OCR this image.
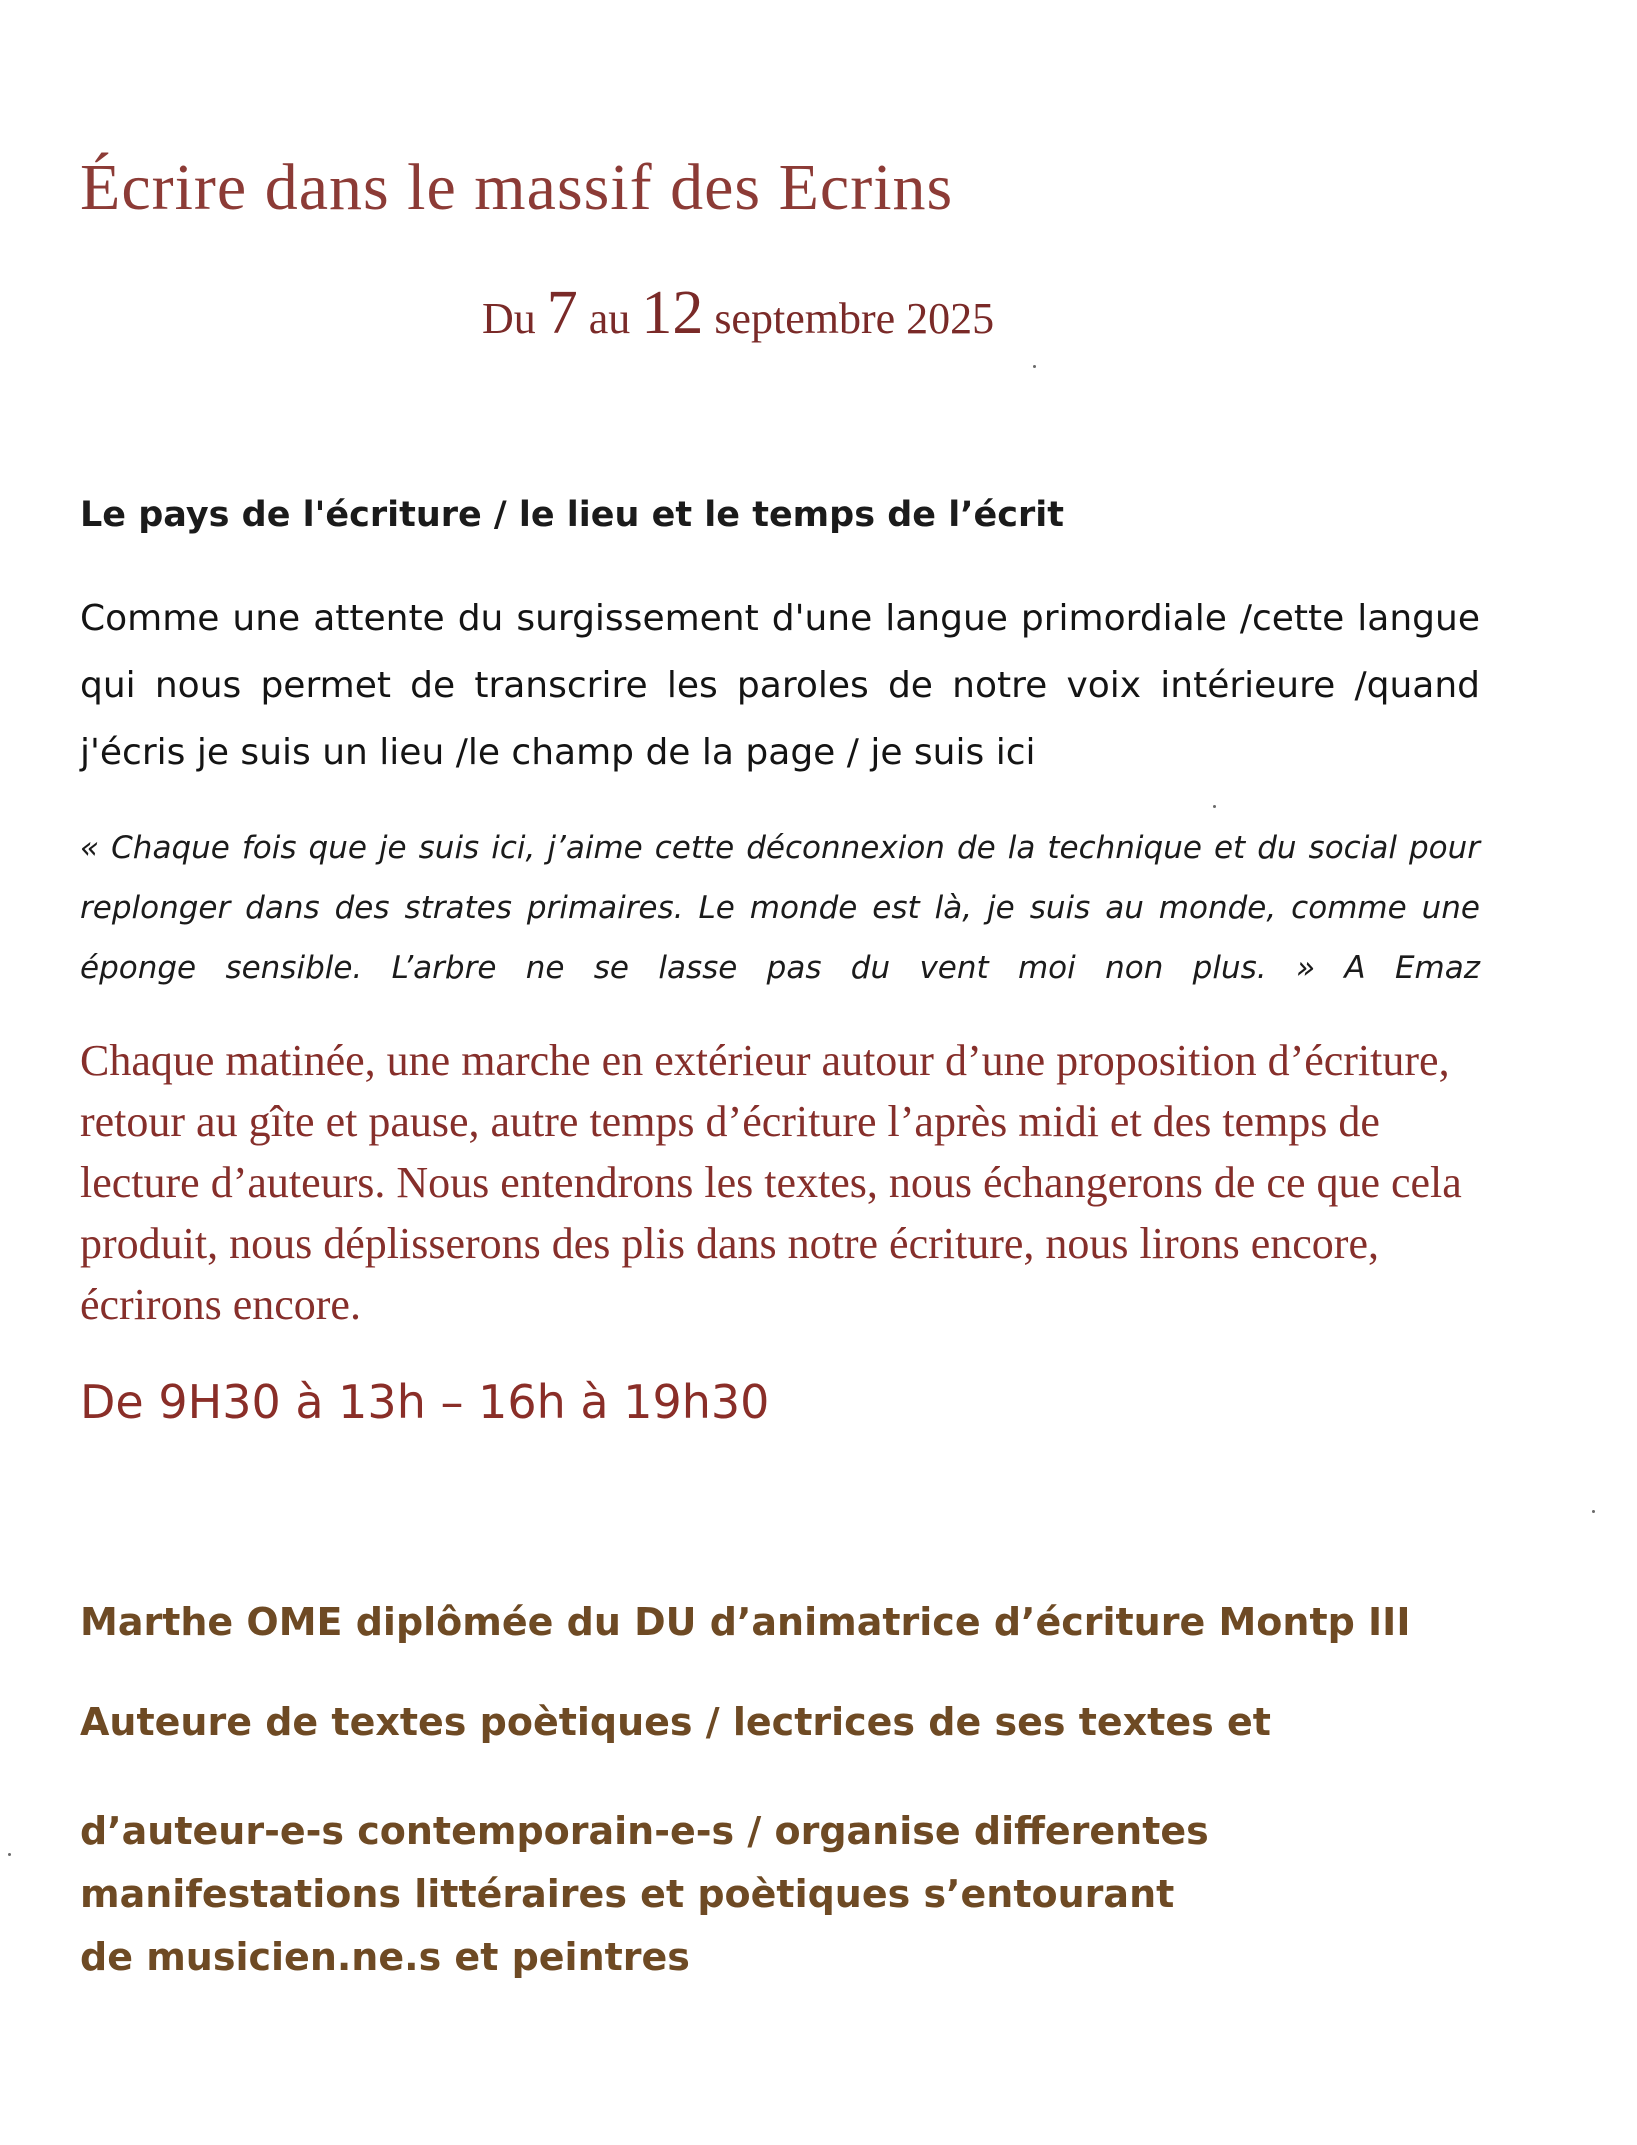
Écrire dans le massif des Ecrins
Du 7 au 12 septembre 2025
Le pays de l'écriture / le lieu et le temps de l’écrit

Comme une attente du surgissement d'une langue primordiale /cette langue qui nous permet de transcrire les paroles de notre voix intérieure /quand j'écris je suis un lieu /le champ de la page / je suis ici

« Chaque fois que je suis ici, j’aime cette déconnexion de la technique et du social pour replonger dans des strates primaires. Le monde est là, je suis au monde, comme une éponge sensible. L’arbre ne se lasse pas du vent moi non plus. » A Emaz

Chaque matinée, une marche en extérieur autour d’une proposition d’écriture, retour au gîte et pause, autre temps d’écriture l’après midi et des temps de lecture d’auteurs. Nous entendrons les textes, nous échangerons de ce que cela produit, nous déplisserons des plis dans notre écriture, nous lirons encore, écrirons encore.

De 9H30 à 13h – 16h à 19h30

Marthe OME diplômée du DU d’animatrice d’écriture Montp III

Auteure de textes poètiques / lectrices de ses textes et

d’auteur-e-s contemporain-e-s / organise differentes manifestations littéraires et poètiques s’entourant de musicien.ne.s et peintres
